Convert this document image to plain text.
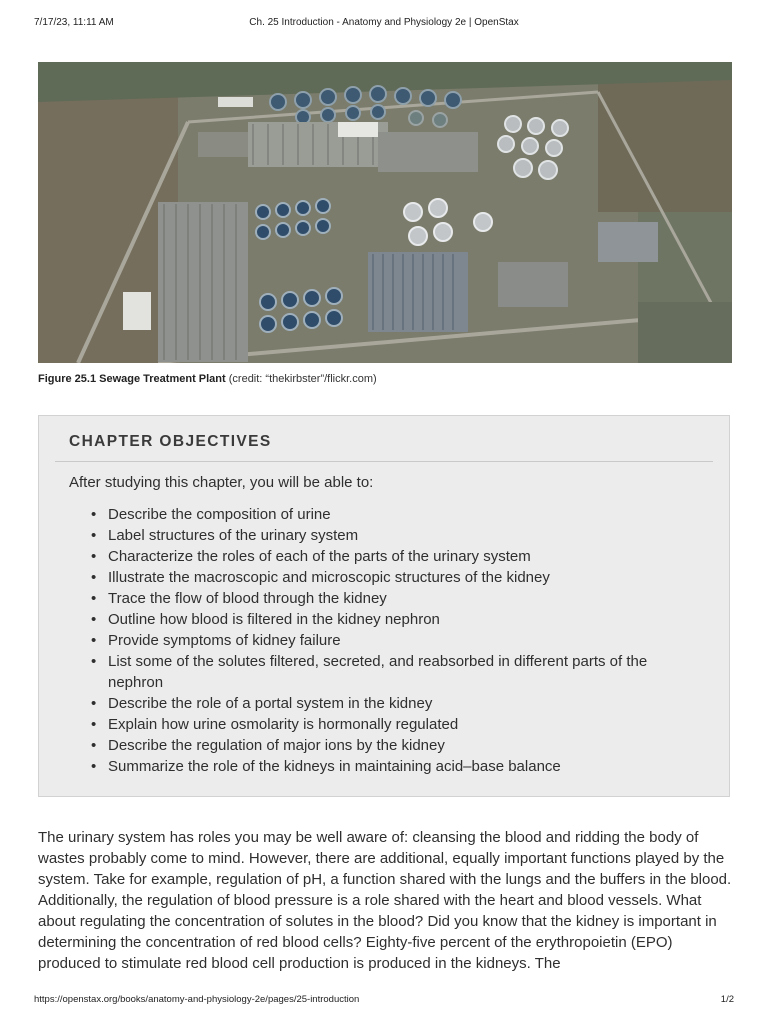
7/17/23, 11:11 AM	Ch. 25 Introduction - Anatomy and Physiology 2e | OpenStax
Figure 25.1 Sewage Treatment Plant (credit: “thekirbster”/flickr.com)
CHAPTER OBJECTIVES
After studying this chapter, you will be able to:
• Describe the composition of urine
• Label structures of the urinary system
• Characterize the roles of each of the parts of the urinary system
• Illustrate the macroscopic and microscopic structures of the kidney
• Trace the flow of blood through the kidney
• Outline how blood is filtered in the kidney nephron
• Provide symptoms of kidney failure
• List some of the solutes filtered, secreted, and reabsorbed in different parts of the nephron
• Describe the role of a portal system in the kidney
• Explain how urine osmolarity is hormonally regulated
• Describe the regulation of major ions by the kidney
• Summarize the role of the kidneys in maintaining acid–base balance

The urinary system has roles you may be well aware of: cleansing the blood and ridding the body of wastes probably come to mind. However, there are additional, equally important functions played by the system. Take for example, regulation of pH, a function shared with the lungs and the buffers in the blood. Additionally, the regulation of blood pressure is a role shared with the heart and blood vessels. What about regulating the concentration of solutes in the blood? Did you know that the kidney is important in determining the concentration of red blood cells? Eighty-five percent of the erythropoietin (EPO) produced to stimulate red blood cell production is produced in the kidneys. The

https://openstax.org/books/anatomy-and-physiology-2e/pages/25-introduction	1/2
